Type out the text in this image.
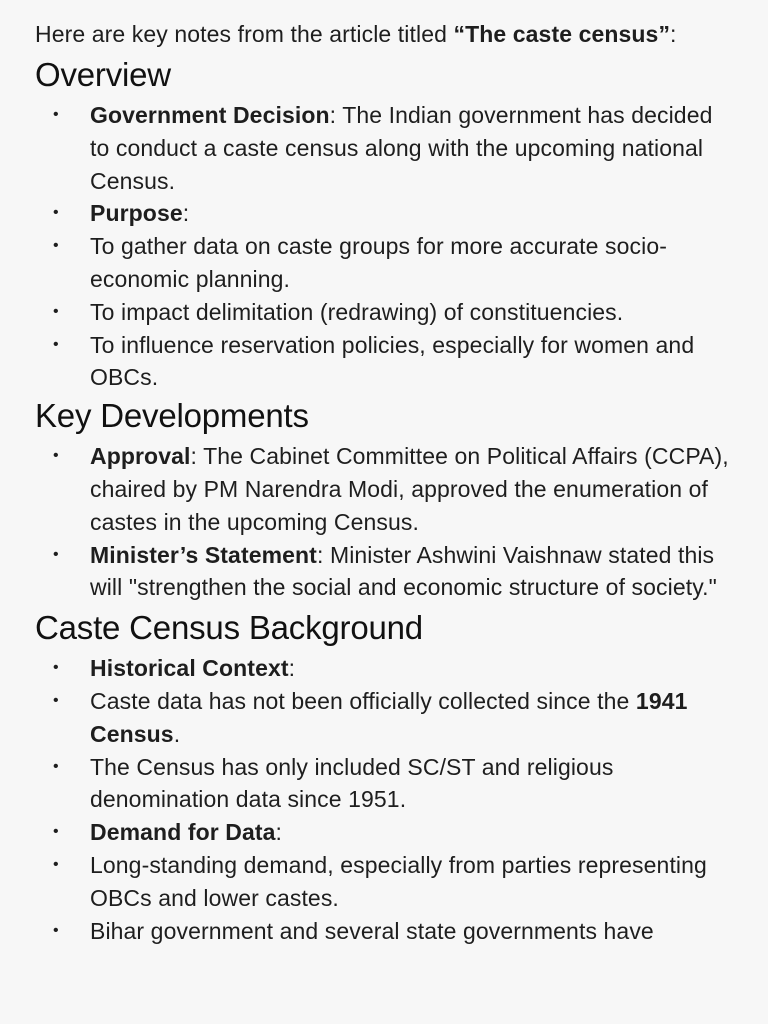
Here are key notes from the article titled “The caste census”:
Overview
• Government Decision: The Indian government has decided to conduct a caste census along with the upcoming national Census.
• Purpose:
• To gather data on caste groups for more accurate socio-economic planning.
• To impact delimitation (redrawing) of constituencies.
• To influence reservation policies, especially for women and OBCs.
Key Developments
• Approval: The Cabinet Committee on Political Affairs (CCPA), chaired by PM Narendra Modi, approved the enumeration of castes in the upcoming Census.
• Minister’s Statement: Minister Ashwini Vaishnaw stated this will "strengthen the social and economic structure of society."
Caste Census Background
• Historical Context:
• Caste data has not been officially collected since the 1941 Census.
• The Census has only included SC/ST and religious denomination data since 1951.
• Demand for Data:
• Long-standing demand, especially from parties representing OBCs and lower castes.
• Bihar government and several state governments have
